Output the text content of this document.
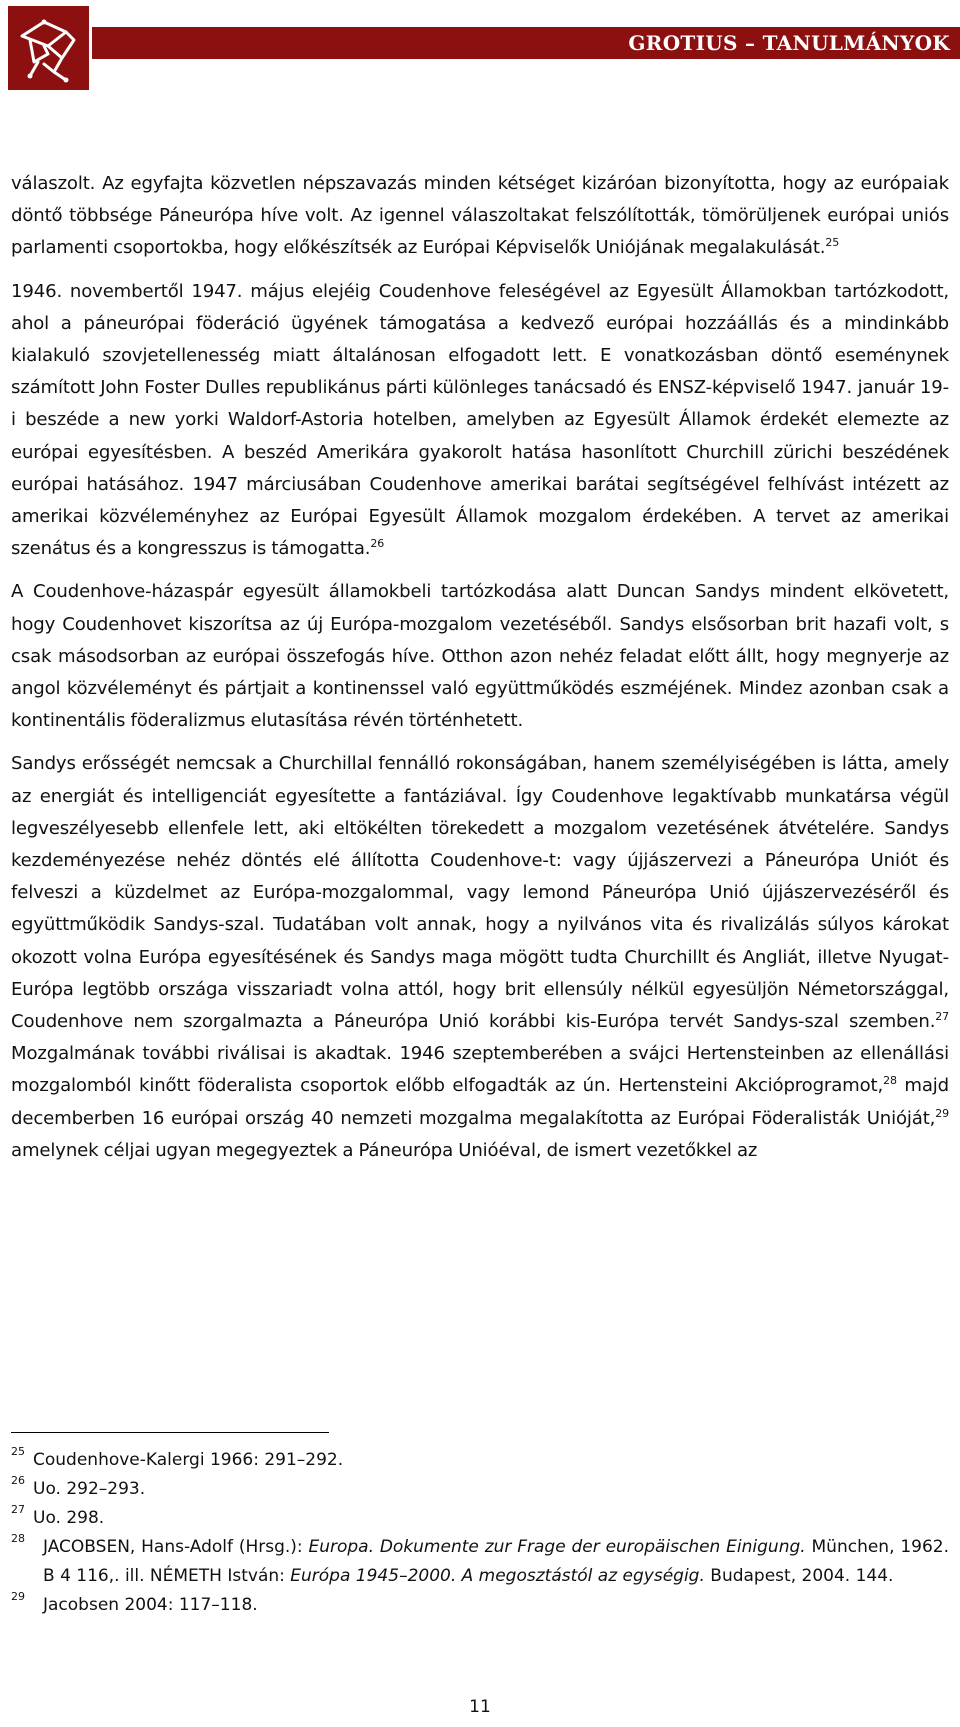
GROTIUS – TANULMÁNYOK

válaszolt. Az egyfajta közvetlen népszavazás minden kétséget kizáróan bizonyította, hogy az európaiak döntő többsége Páneurópa híve volt. Az igennel válaszoltakat felszólították, tömörüljenek európai uniós parlamenti csoportokba, hogy előkészítsék az Európai Képviselők Uniójának megalakulását.$^{25}$

1946. novembertől 1947. május elejéig Coudenhove feleségével az Egyesült Államokban tartózkodott, ahol a páneurópai föderáció ügyének támogatása a kedvező európai hozzáállás és a mindinkább kialakuló szovjetellenesség miatt általánosan elfogadott lett. E vonatkozásban döntő eseménynek számított John Foster Dulles republikánus párti különleges tanácsadó és ENSZ-képviselő 1947. január 19-i beszéde a new yorki Waldorf-Astoria hotelben, amelyben az Egyesült Államok érdekét elemezte az európai egyesítésben. A beszéd Amerikára gyakorolt hatása hasonlított Churchill zürichi beszédének európai hatásához. 1947 márciusában Coudenhove amerikai barátai segítségével felhívást intézett az amerikai közvéleményhez az Európai Egyesült Államok mozgalom érdekében. A tervet az amerikai szenátus és a kongresszus is támogatta.$^{26}$

A Coudenhove-házaspár egyesült államokbeli tartózkodása alatt Duncan Sandys mindent elkövetett, hogy Coudenhovet kiszorítsa az új Európa-mozgalom vezetéséből. Sandys elsősorban brit hazafi volt, s csak másodsorban az európai összefogás híve. Otthon azon nehéz feladat előtt állt, hogy megnyerje az angol közvéleményt és pártjait a kontinenssel való együttműködés eszméjének. Mindez azonban csak a kontinentális föderalizmus elutasítása révén történhetett.

Sandys erősségét nemcsak a Churchillal fennálló rokonságában, hanem személyiségében is látta, amely az energiát és intelligenciát egyesítette a fantáziával. Így Coudenhove legaktívabb munkatársa végül legveszélyesebb ellenfele lett, aki eltökélten törekedett a mozgalom vezetésének átvételére. Sandys kezdeményezése nehéz döntés elé állította Coudenhove-t: vagy újjászervezi a Páneurópa Uniót és felveszi a küzdelmet az Európa-mozgalommal, vagy lemond Páneurópa Unió újjászervezéséről és együttműködik Sandys-szal. Tudatában volt annak, hogy a nyilvános vita és rivalizálás súlyos károkat okozott volna Európa egyesítésének és Sandys maga mögött tudta Churchillt és Angliát, illetve Nyugat-Európa legtöbb országa visszariadt volna attól, hogy brit ellensúly nélkül egyesüljön Németországgal, Coudenhove nem szorgalmazta a Páneurópa Unió korábbi kis-Európa tervét Sandys-szal szemben.$^{27}$ Mozgalmának további riválisai is akadtak. 1946 szeptemberében a svájci Hertensteinben az ellenállási mozgalomból kinőtt föderalista csoportok előbb elfogadták az ún. Hertensteini Akcióprogramot,$^{28}$ majd decemberben 16 európai ország 40 nemzeti mozgalma megalakította az Európai Föderalisták Unióját,$^{29}$ amelynek céljai ugyan megegyeztek a Páneurópa Unióéval, de ismert vezetőkkel az

25 Coudenhove-Kalergi 1966: 291–292.

26 Uo. 292–293.

27 Uo. 298.

28 JACOBSEN, Hans-Adolf (Hrsg.): Europa. Dokumente zur Frage der europäischen Einigung. München, 1962. B 4 116,. ill. NÉMETH István: Európa 1945–2000. A megosztástól az egységig. Budapest, 2004. 144.

29 Jacobsen 2004: 117–118.

11
